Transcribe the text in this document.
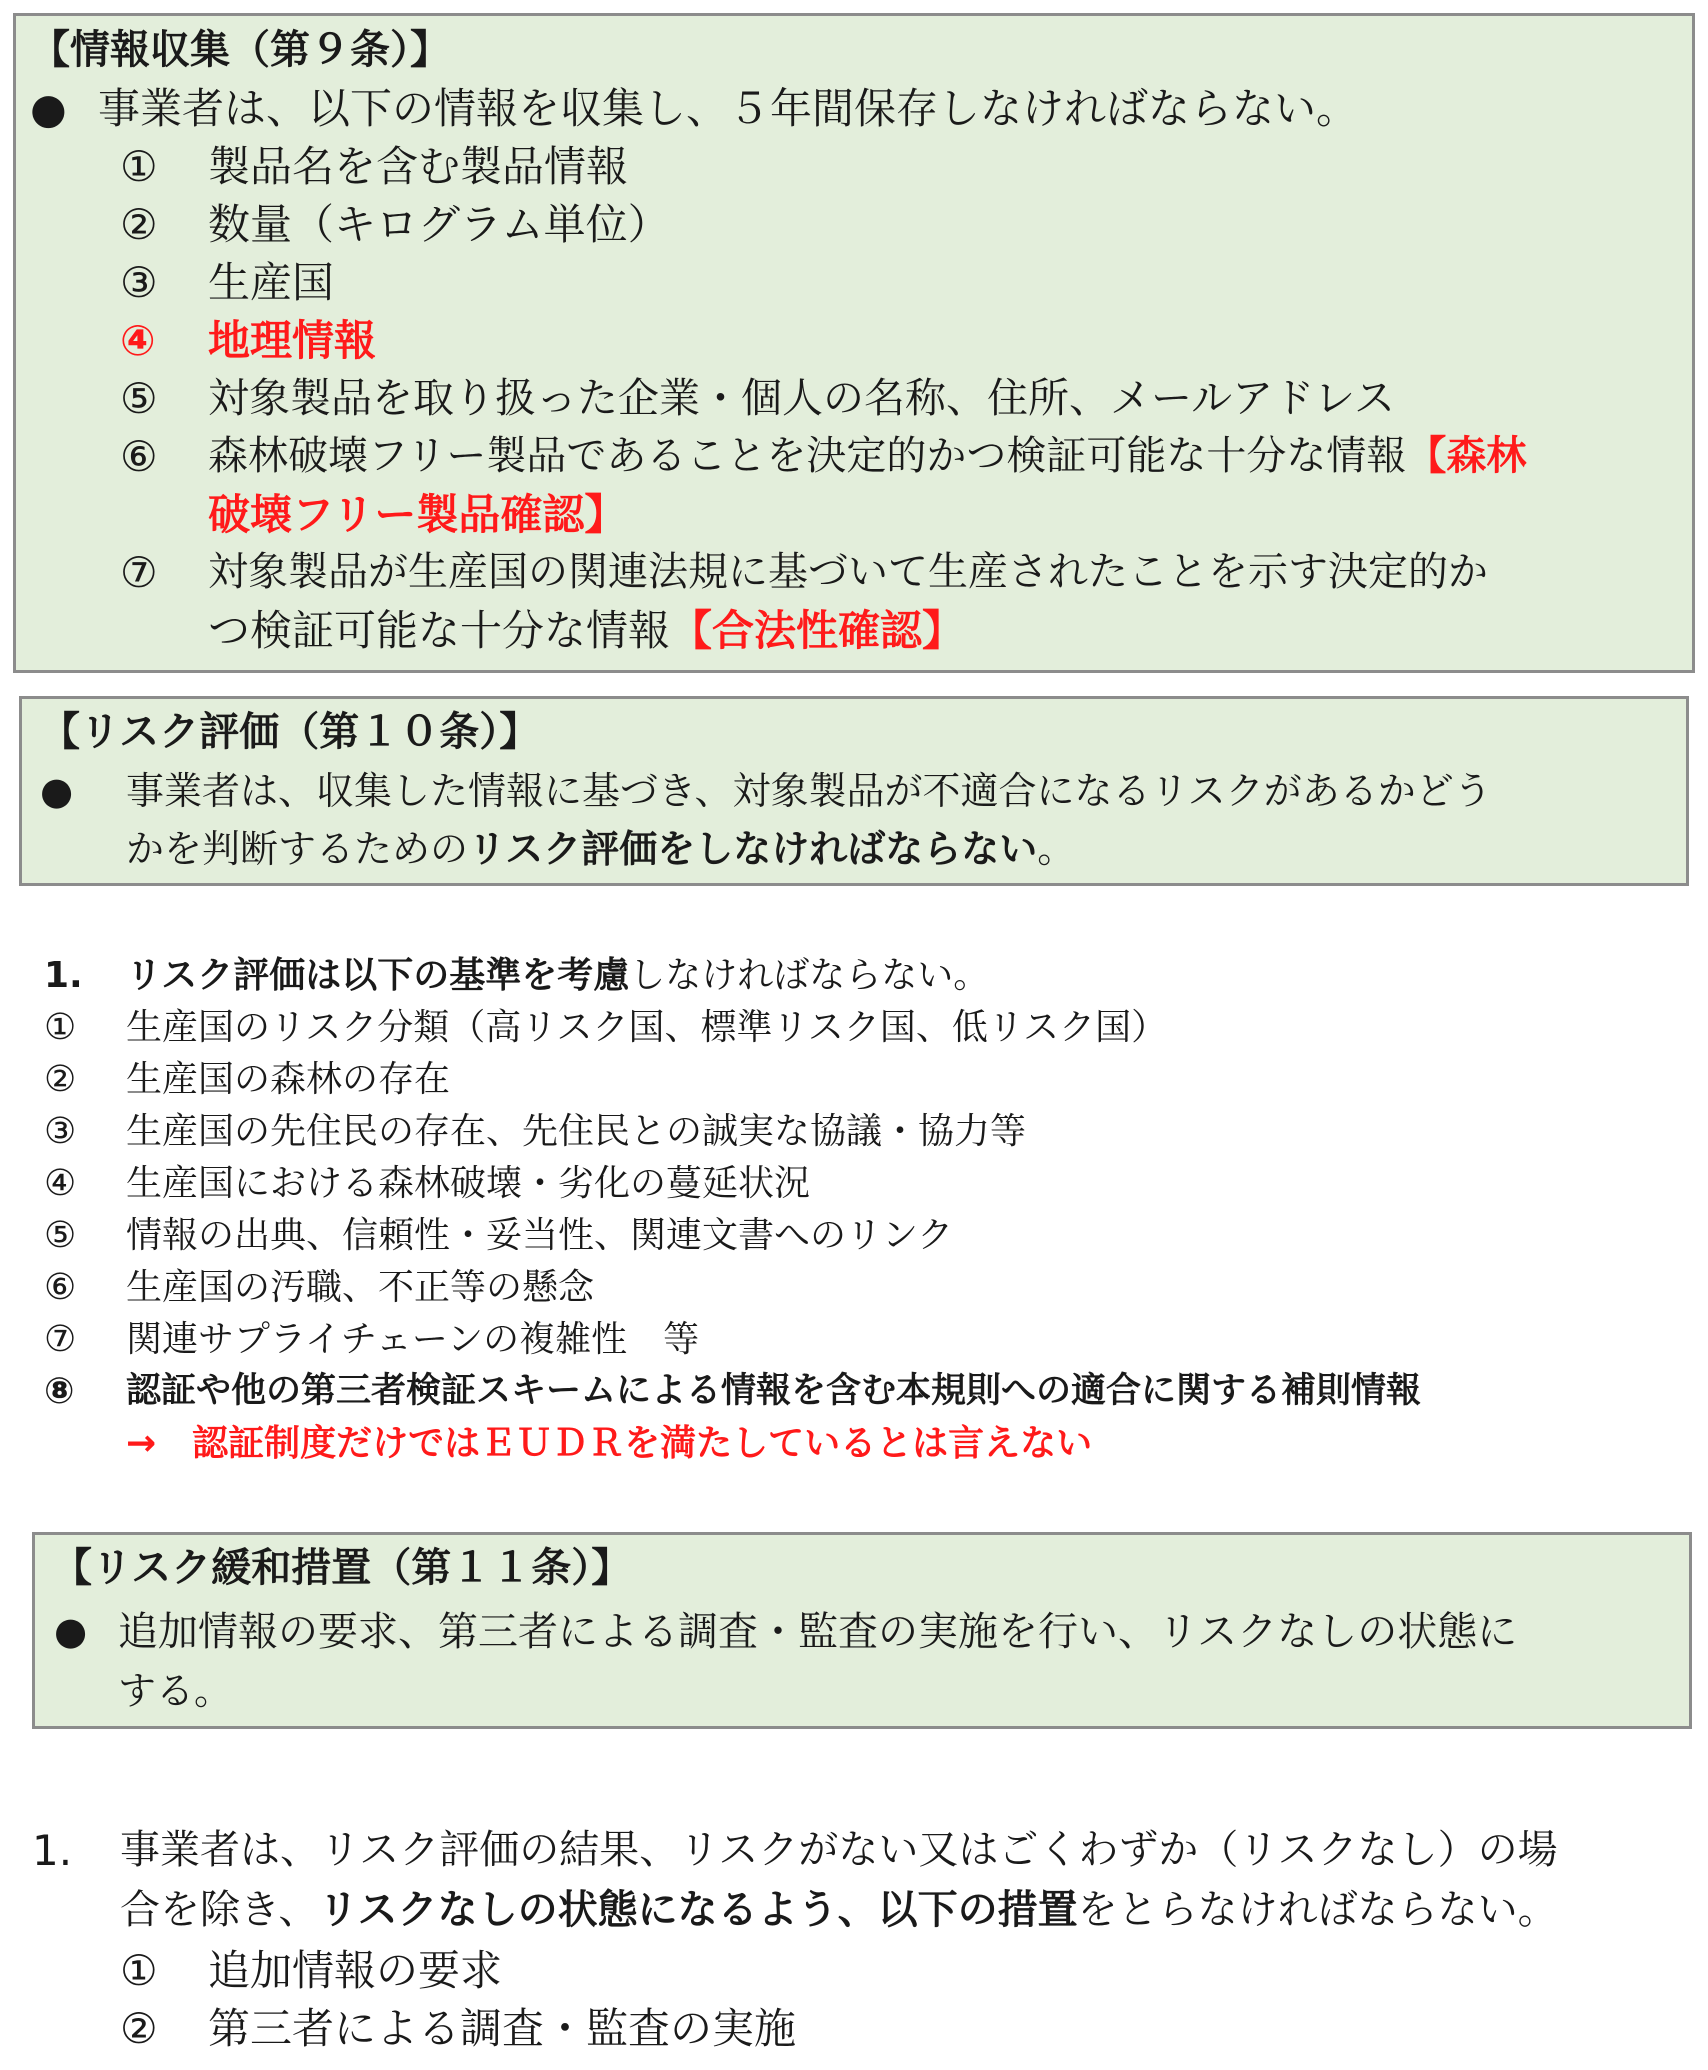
【情報収集（第９条）】
● 事業者は、以下の情報を収集し、５年間保存しなければならない。
① 製品名を含む製品情報
② 数量（キログラム単位）
③ 生産国
④ 地理情報
⑤ 対象製品を取り扱った企業・個人の名称、住所、メールアドレス
⑥ 森林破壊フリー製品であることを決定的かつ検証可能な十分な情報【森林
破壊フリー製品確認】
⑦ 対象製品が生産国の関連法規に基づいて生産されたことを示す決定的か
つ検証可能な十分な情報【合法性確認】
【リスク評価（第１０条）】
● 事業者は、収集した情報に基づき、対象製品が不適合になるリスクがあるかどう
かを判断するためのリスク評価をしなければならない。
1. リスク評価は以下の基準を考慮しなければならない。
① 生産国のリスク分類（高リスク国、標準リスク国、低リスク国）
② 生産国の森林の存在
③ 生産国の先住民の存在、先住民との誠実な協議・協力等
④ 生産国における森林破壊・劣化の蔓延状況
⑤ 情報の出典、信頼性・妥当性、関連文書へのリンク
⑥ 生産国の汚職、不正等の懸念
⑦ 関連サプライチェーンの複雑性　等
⑧ 認証や他の第三者検証スキームによる情報を含む本規則への適合に関する補則情報
→　認証制度だけではＥＵＤＲを満たしているとは言えない
【リスク緩和措置（第１１条）】
● 追加情報の要求、第三者による調査・監査の実施を行い、リスクなしの状態に
する。
1. 事業者は、リスク評価の結果、リスクがない又はごくわずか（リスクなし）の場
合を除き、リスクなしの状態になるよう、以下の措置をとらなければならない。
① 追加情報の要求
② 第三者による調査・監査の実施
